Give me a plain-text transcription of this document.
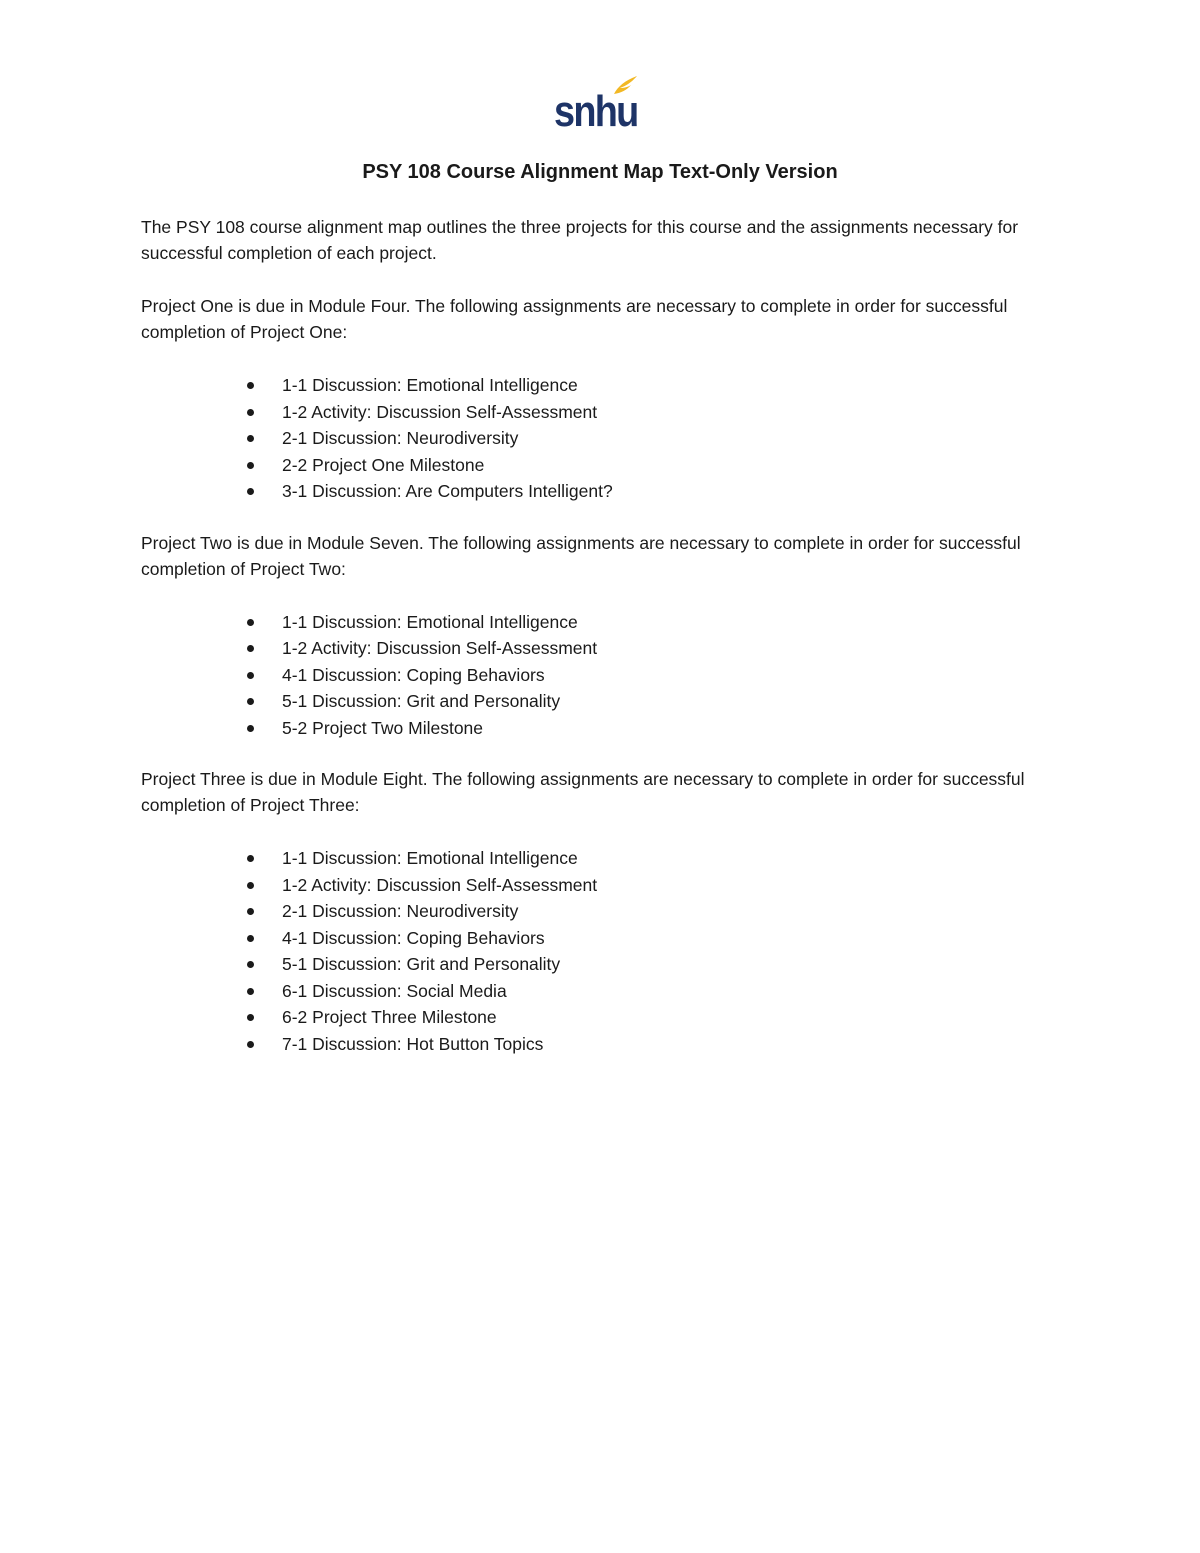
snhu
PSY 108 Course Alignment Map Text-Only Version

The PSY 108 course alignment map outlines the three projects for this course and the assignments necessary for successful completion of each project.

Project One is due in Module Four. The following assignments are necessary to complete in order for successful completion of Project One:

1-1 Discussion: Emotional Intelligence
1-2 Activity: Discussion Self-Assessment
2-1 Discussion: Neurodiversity
2-2 Project One Milestone
3-1 Discussion: Are Computers Intelligent?

Project Two is due in Module Seven. The following assignments are necessary to complete in order for successful completion of Project Two:

1-1 Discussion: Emotional Intelligence
1-2 Activity: Discussion Self-Assessment
4-1 Discussion: Coping Behaviors
5-1 Discussion: Grit and Personality
5-2 Project Two Milestone

Project Three is due in Module Eight. The following assignments are necessary to complete in order for successful completion of Project Three:

1-1 Discussion: Emotional Intelligence
1-2 Activity: Discussion Self-Assessment
2-1 Discussion: Neurodiversity
4-1 Discussion: Coping Behaviors
5-1 Discussion: Grit and Personality
6-1 Discussion: Social Media
6-2 Project Three Milestone
7-1 Discussion: Hot Button Topics
